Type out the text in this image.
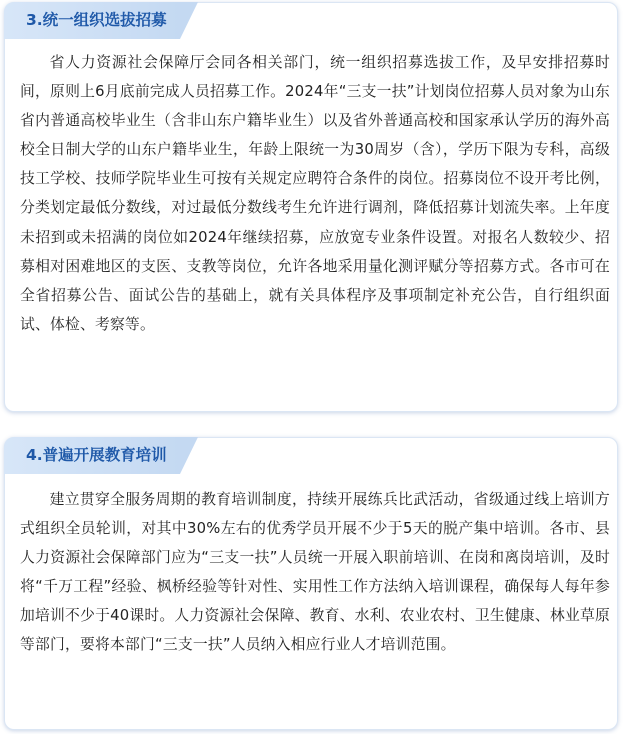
3.统一组织选拔招募

省人力资源社会保障厅会同各相关部门，统一组织招募选拔工作，及早安排招募时间，原则上6月底前完成人员招募工作。2024年“三支一扶”计划岗位招募人员对象为山东省内普通高校毕业生（含非山东户籍毕业生）以及省外普通高校和国家承认学历的海外高校全日制大学的山东户籍毕业生，年龄上限统一为30周岁（含），学历下限为专科，高级技工学校、技师学院毕业生可按有关规定应聘符合条件的岗位。招募岗位不设开考比例，分类划定最低分数线，对过最低分数线考生允许进行调剂，降低招募计划流失率。上年度未招到或未招满的岗位如2024年继续招募，应放宽专业条件设置。对报名人数较少、招募相对困难地区的支医、支教等岗位，允许各地采用量化测评赋分等招募方式。各市可在全省招募公告、面试公告的基础上，就有关具体程序及事项制定补充公告，自行组织面试、体检、考察等。

4.普遍开展教育培训

建立贯穿全服务周期的教育培训制度，持续开展练兵比武活动，省级通过线上培训方式组织全员轮训，对其中30%左右的优秀学员开展不少于5天的脱产集中培训。各市、县人力资源社会保障部门应为“三支一扶”人员统一开展入职前培训、在岗和离岗培训，及时将“千万工程”经验、枫桥经验等针对性、实用性工作方法纳入培训课程，确保每人每年参加培训不少于40课时。人力资源社会保障、教育、水利、农业农村、卫生健康、林业草原等部门，要将本部门“三支一扶”人员纳入相应行业人才培训范围。
